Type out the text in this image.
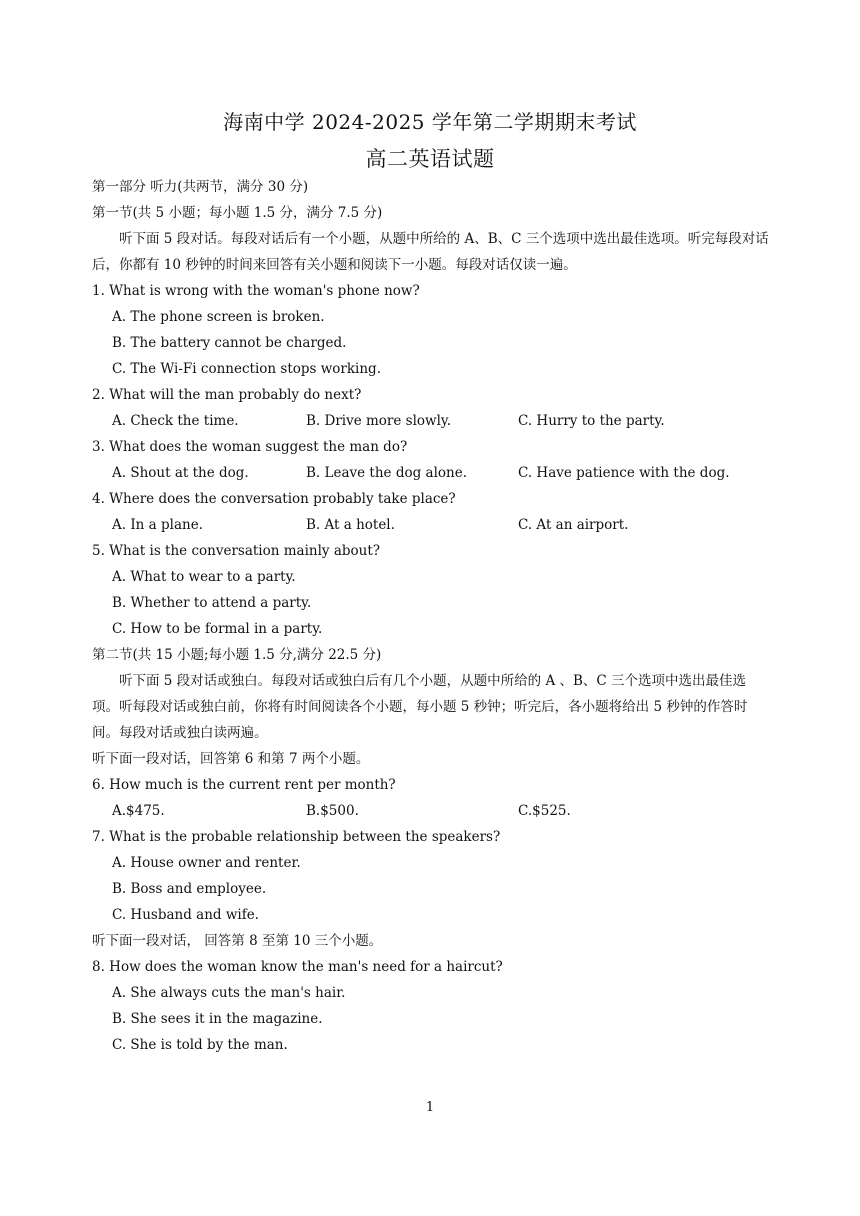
海南中学 2024-2025 学年第二学期期末考试
高二英语试题
第一部分 听力(共两节，满分 30 分)
第一节(共 5 小题；每小题 1.5 分，满分 7.5 分)
听下面 5 段对话。每段对话后有一个小题，从题中所给的 A、B、C 三个选项中选出最佳选项。听完每段对话后，你都有 10 秒钟的时间来回答有关小题和阅读下一小题。每段对话仅读一遍。
1. What is wrong with the woman's phone now?
A. The phone screen is broken.
B. The battery cannot be charged.
C. The Wi-Fi connection stops working.
2. What will the man probably do next?
A. Check the time.	B. Drive more slowly.	C. Hurry to the party.
3. What does the woman suggest the man do?
A. Shout at the dog.	B. Leave the dog alone.	C. Have patience with the dog.
4. Where does the conversation probably take place?
A. In a plane.	B. At a hotel.	C. At an airport.
5. What is the conversation mainly about?
A. What to wear to a party.
B. Whether to attend a party.
C. How to be formal in a party.
第二节(共 15 小题;每小题 1.5 分,满分 22.5 分)
听下面 5 段对话或独白。每段对话或独白后有几个小题，从题中所给的 A 、B、C 三个选项中选出最佳选项。听每段对话或独白前，你将有时间阅读各个小题，每小题 5 秒钟；听完后，各小题将给出 5 秒钟的作答时间。每段对话或独白读两遍。
听下面一段对话，回答第 6 和第 7 两个小题。
6. How much is the current rent per month?
A.$475.	B.$500.	C.$525.
7. What is the probable relationship between the speakers?
A. House owner and renter.
B. Boss and employee.
C. Husband and wife.
听下面一段对话， 回答第 8 至第 10 三个小题。
8. How does the woman know the man's need for a haircut?
A. She always cuts the man's hair.
B. She sees it in the magazine.
C. She is told by the man.
1
